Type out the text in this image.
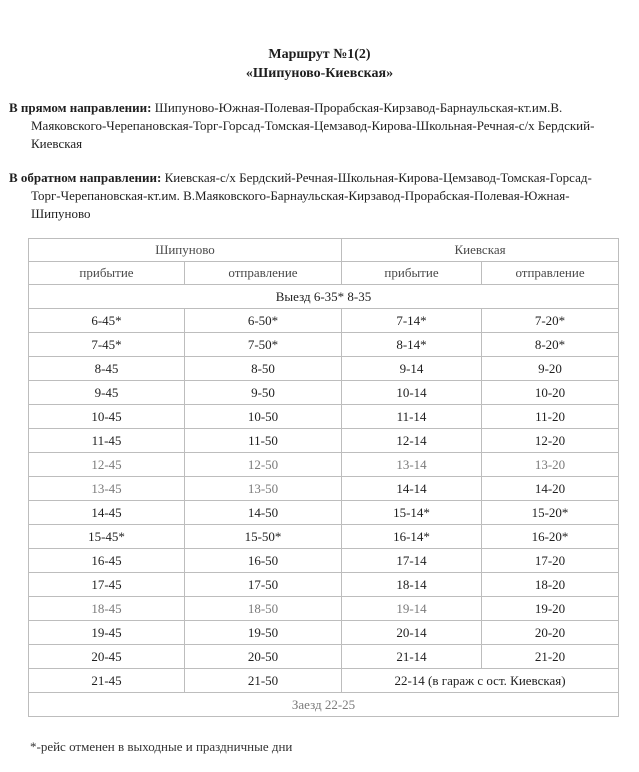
Маршрут №1(2)
«Шипуново-Киевская»
В прямом направлении: Шипуново-Южная-Полевая-Прорабская-Кирзавод-Барнаульская-кт.им.В. Маяковского-Черепановская-Торг-Горсад-Томская-Цемзавод-Кирова-Школьная-Речная-с/х Бердский-Киевская
В обратном направлении: Киевская-с/х Бердский-Речная-Школьная-Кирова-Цемзавод-Томская-Горсад-Торг-Черепановская-кт.им. В.Маяковского-Барнаульская-Кирзавод-Прорабская-Полевая-Южная-Шипуново
Шипуново		Киевская	
прибытие	отправление	прибытие	отправление
Выезд 6-35* 8-35			
6-45*	6-50*	7-14*	7-20*
7-45*	7-50*	8-14*	8-20*
8-45	8-50	9-14	9-20
9-45	9-50	10-14	10-20
10-45	10-50	11-14	11-20
11-45	11-50	12-14	12-20
12-45	12-50	13-14	13-20
13-45	13-50	14-14	14-20
14-45	14-50	15-14*	15-20*
15-45*	15-50*	16-14*	16-20*
16-45	16-50	17-14	17-20
17-45	17-50	18-14	18-20
18-45	18-50	19-14	19-20
19-45	19-50	20-14	20-20
20-45	20-50	21-14	21-20
21-45	21-50	22-14 (в гараж с ост. Киевская)	
Заезд 22-25			
*-рейс отменен в выходные и праздничные дни
